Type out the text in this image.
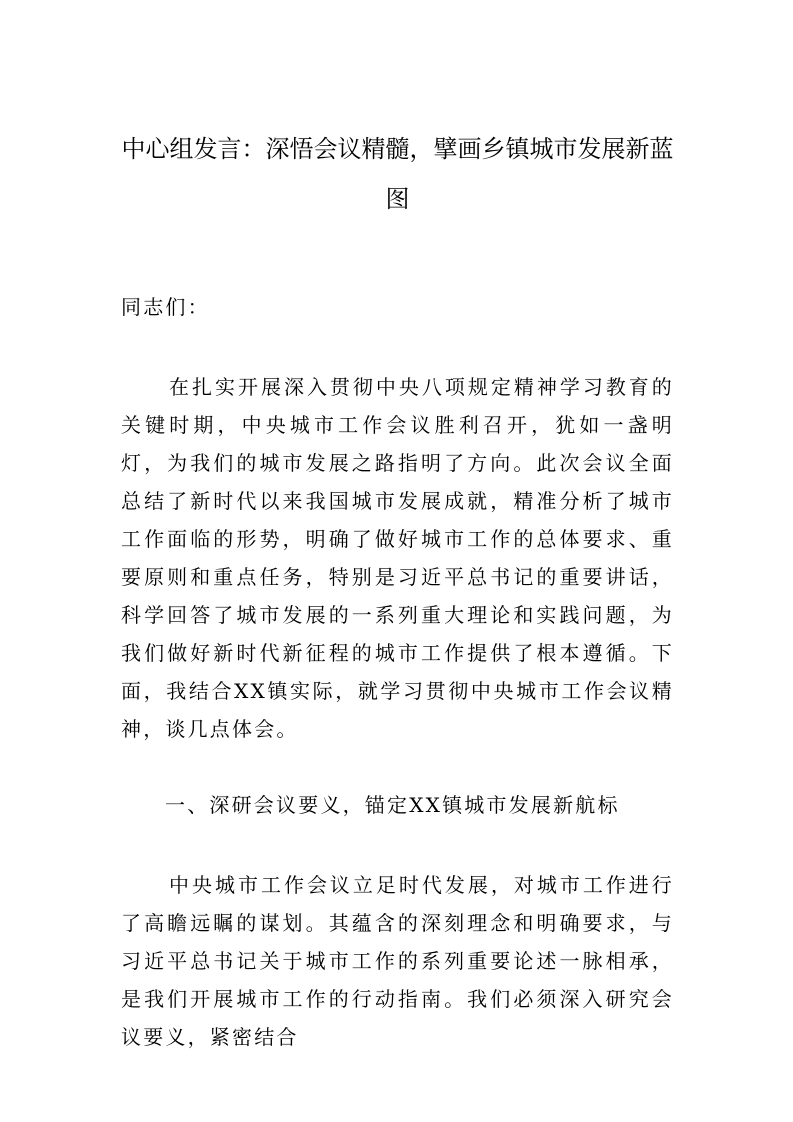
中心组发言：深悟会议精髓，擘画乡镇城市发展新蓝图

同志们：

在扎实开展深入贯彻中央八项规定精神学习教育的关键时期，中央城市工作会议胜利召开，犹如一盏明灯，为我们的城市发展之路指明了方向。此次会议全面总结了新时代以来我国城市发展成就，精准分析了城市工作面临的形势，明确了做好城市工作的总体要求、重要原则和重点任务，特别是习近平总书记的重要讲话，科学回答了城市发展的一系列重大理论和实践问题，为我们做好新时代新征程的城市工作提供了根本遵循。下面，我结合XX镇实际，就学习贯彻中央城市工作会议精神，谈几点体会。

一、深研会议要义，锚定XX镇城市发展新航标

中央城市工作会议立足时代发展，对城市工作进行了高瞻远瞩的谋划。其蕴含的深刻理念和明确要求，与习近平总书记关于城市工作的系列重要论述一脉相承，是我们开展城市工作的行动指南。我们必须深入研究会议要义，紧密结合
